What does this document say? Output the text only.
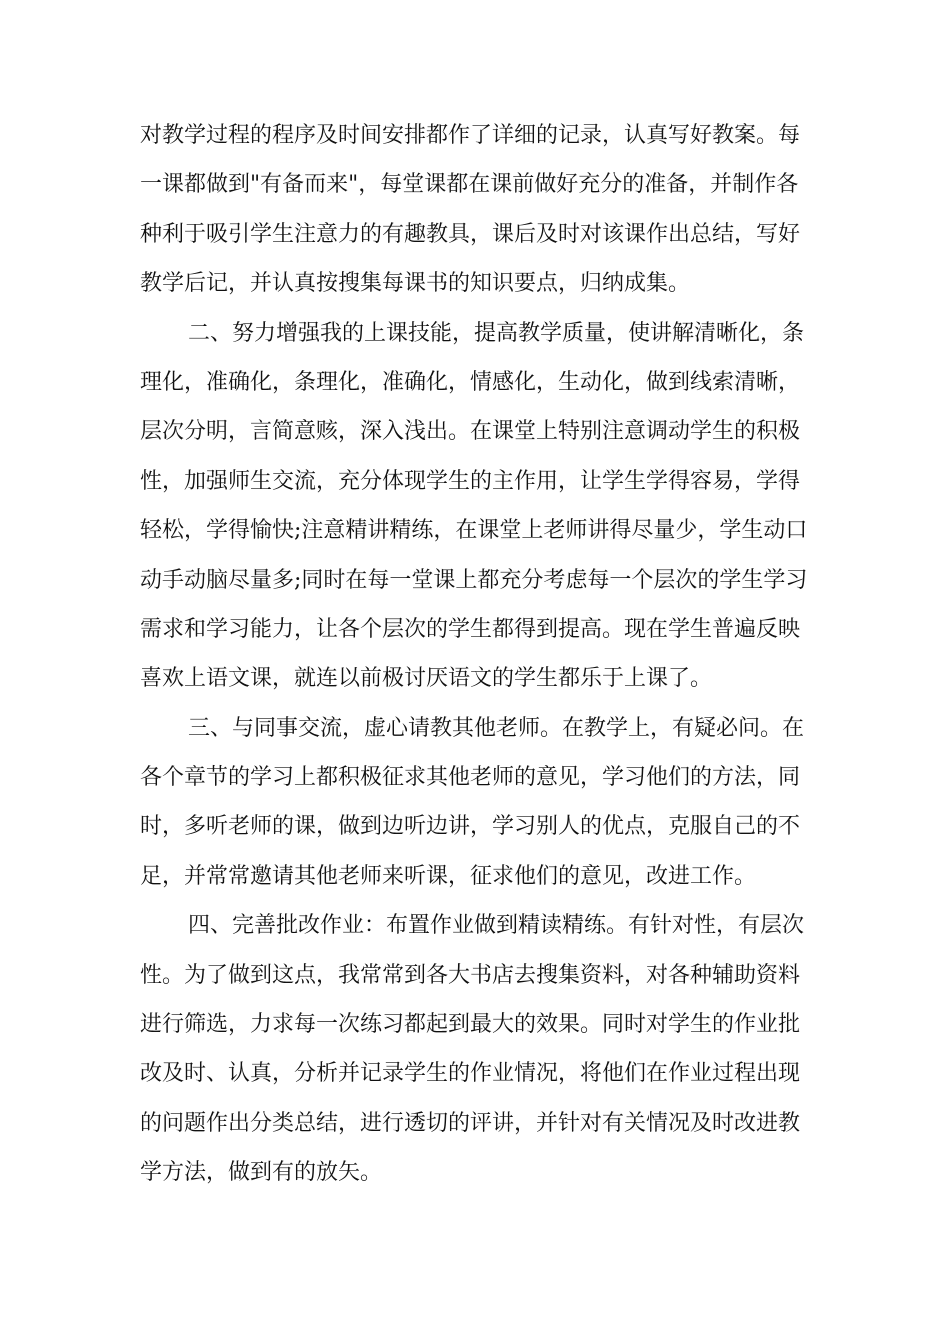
对教学过程的程序及时间安排都作了详细的记录，认真写好教案。每
一课都做到"有备而来"，每堂课都在课前做好充分的准备，并制作各
种利于吸引学生注意力的有趣教具，课后及时对该课作出总结，写好
教学后记，并认真按搜集每课书的知识要点，归纳成集。
二、努力增强我的上课技能，提高教学质量，使讲解清晰化，条
理化，准确化，条理化，准确化，情感化，生动化，做到线索清晰，
层次分明，言简意赅，深入浅出。在课堂上特别注意调动学生的积极
性，加强师生交流，充分体现学生的主作用，让学生学得容易，学得
轻松，学得愉快;注意精讲精练，在课堂上老师讲得尽量少，学生动口
动手动脑尽量多;同时在每一堂课上都充分考虑每一个层次的学生学习
需求和学习能力，让各个层次的学生都得到提高。现在学生普遍反映
喜欢上语文课，就连以前极讨厌语文的学生都乐于上课了。
三、与同事交流，虚心请教其他老师。在教学上，有疑必问。在
各个章节的学习上都积极征求其他老师的意见，学习他们的方法，同
时，多听老师的课，做到边听边讲，学习别人的优点，克服自己的不
足，并常常邀请其他老师来听课，征求他们的意见，改进工作。
四、完善批改作业：布置作业做到精读精练。有针对性，有层次
性。为了做到这点，我常常到各大书店去搜集资料，对各种辅助资料
进行筛选，力求每一次练习都起到最大的效果。同时对学生的作业批
改及时、认真，分析并记录学生的作业情况，将他们在作业过程出现
的问题作出分类总结，进行透切的评讲，并针对有关情况及时改进教
学方法，做到有的放矢。
